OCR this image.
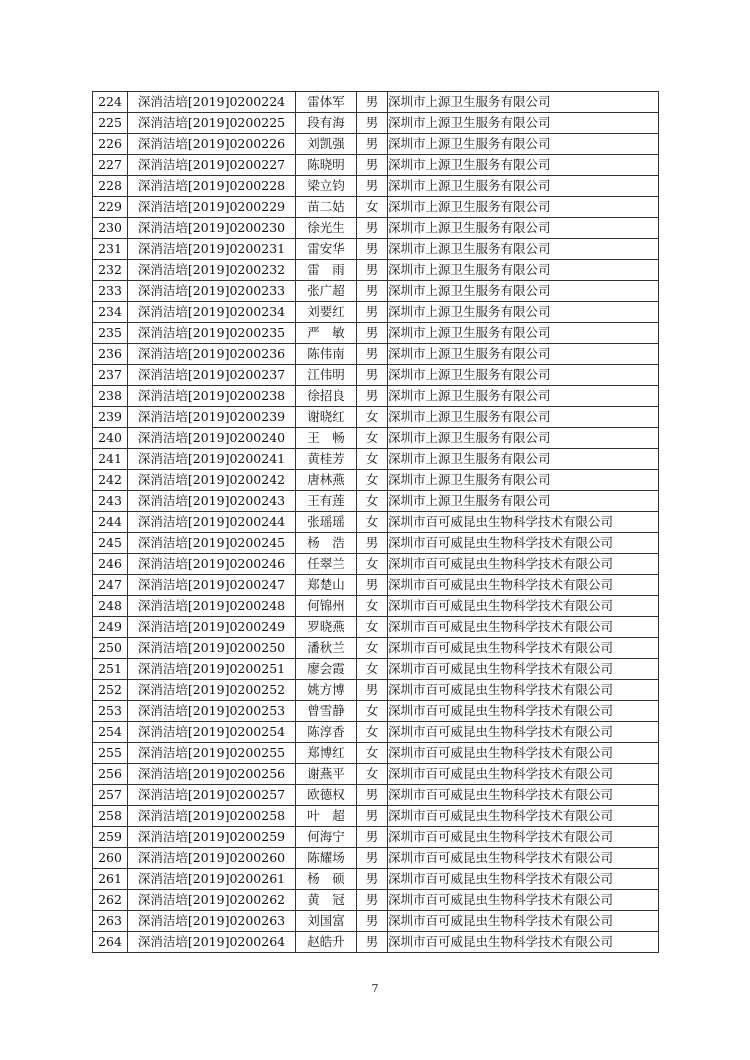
224	深消洁培[2019]0200224	雷体军	男	深圳市上源卫生服务有限公司
225	深消洁培[2019]0200225	段有海	男	深圳市上源卫生服务有限公司
226	深消洁培[2019]0200226	刘凯强	男	深圳市上源卫生服务有限公司
227	深消洁培[2019]0200227	陈晓明	男	深圳市上源卫生服务有限公司
228	深消洁培[2019]0200228	梁立钧	男	深圳市上源卫生服务有限公司
229	深消洁培[2019]0200229	苗二姑	女	深圳市上源卫生服务有限公司
230	深消洁培[2019]0200230	徐光生	男	深圳市上源卫生服务有限公司
231	深消洁培[2019]0200231	雷安华	男	深圳市上源卫生服务有限公司
232	深消洁培[2019]0200232	雷　雨	男	深圳市上源卫生服务有限公司
233	深消洁培[2019]0200233	张广超	男	深圳市上源卫生服务有限公司
234	深消洁培[2019]0200234	刘要红	男	深圳市上源卫生服务有限公司
235	深消洁培[2019]0200235	严　敏	男	深圳市上源卫生服务有限公司
236	深消洁培[2019]0200236	陈伟南	男	深圳市上源卫生服务有限公司
237	深消洁培[2019]0200237	江伟明	男	深圳市上源卫生服务有限公司
238	深消洁培[2019]0200238	徐招良	男	深圳市上源卫生服务有限公司
239	深消洁培[2019]0200239	谢晓红	女	深圳市上源卫生服务有限公司
240	深消洁培[2019]0200240	王　畅	女	深圳市上源卫生服务有限公司
241	深消洁培[2019]0200241	黄桂芳	女	深圳市上源卫生服务有限公司
242	深消洁培[2019]0200242	唐林燕	女	深圳市上源卫生服务有限公司
243	深消洁培[2019]0200243	王有莲	女	深圳市上源卫生服务有限公司
244	深消洁培[2019]0200244	张瑶瑶	女	深圳市百可威昆虫生物科学技术有限公司
245	深消洁培[2019]0200245	杨　浩	男	深圳市百可威昆虫生物科学技术有限公司
246	深消洁培[2019]0200246	任翠兰	女	深圳市百可威昆虫生物科学技术有限公司
247	深消洁培[2019]0200247	郑楚山	男	深圳市百可威昆虫生物科学技术有限公司
248	深消洁培[2019]0200248	何锦州	女	深圳市百可威昆虫生物科学技术有限公司
249	深消洁培[2019]0200249	罗晓燕	女	深圳市百可威昆虫生物科学技术有限公司
250	深消洁培[2019]0200250	潘秋兰	女	深圳市百可威昆虫生物科学技术有限公司
251	深消洁培[2019]0200251	廖会霞	女	深圳市百可威昆虫生物科学技术有限公司
252	深消洁培[2019]0200252	姚方博	男	深圳市百可威昆虫生物科学技术有限公司
253	深消洁培[2019]0200253	曾雪静	女	深圳市百可威昆虫生物科学技术有限公司
254	深消洁培[2019]0200254	陈淳香	女	深圳市百可威昆虫生物科学技术有限公司
255	深消洁培[2019]0200255	郑博红	女	深圳市百可威昆虫生物科学技术有限公司
256	深消洁培[2019]0200256	谢燕平	女	深圳市百可威昆虫生物科学技术有限公司
257	深消洁培[2019]0200257	欧德权	男	深圳市百可威昆虫生物科学技术有限公司
258	深消洁培[2019]0200258	叶　超	男	深圳市百可威昆虫生物科学技术有限公司
259	深消洁培[2019]0200259	何海宁	男	深圳市百可威昆虫生物科学技术有限公司
260	深消洁培[2019]0200260	陈耀场	男	深圳市百可威昆虫生物科学技术有限公司
261	深消洁培[2019]0200261	杨　硕	男	深圳市百可威昆虫生物科学技术有限公司
262	深消洁培[2019]0200262	黄　冠	男	深圳市百可威昆虫生物科学技术有限公司
263	深消洁培[2019]0200263	刘国富	男	深圳市百可威昆虫生物科学技术有限公司
264	深消洁培[2019]0200264	赵皓升	男	深圳市百可威昆虫生物科学技术有限公司
7
